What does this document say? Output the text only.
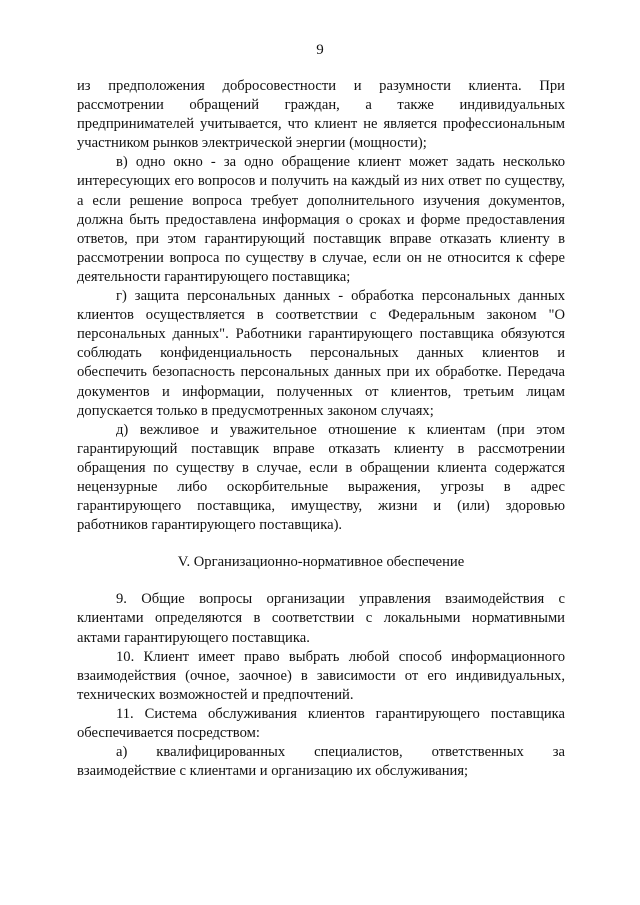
9

из предположения добросовестности и разумности клиента. При рассмотрении обращений граждан, а также индивидуальных предпринимателей учитывается, что клиент не является профессиональным участником рынков электрической энергии (мощности);

в) одно окно - за одно обращение клиент может задать несколько интересующих его вопросов и получить на каждый из них ответ по существу, а если решение вопроса требует дополнительного изучения документов, должна быть предоставлена информация о сроках и форме предоставления ответов, при этом гарантирующий поставщик вправе отказать клиенту в рассмотрении вопроса по существу в случае, если он не относится к сфере деятельности гарантирующего поставщика;

г) защита персональных данных - обработка персональных данных клиентов осуществляется в соответствии с Федеральным законом "О персональных данных". Работники гарантирующего поставщика обязуются соблюдать конфиденциальность персональных данных клиентов и обеспечить безопасность персональных данных при их обработке. Передача документов и информации, полученных от клиентов, третьим лицам допускается только в предусмотренных законом случаях;

д) вежливое и уважительное отношение к клиентам (при этом гарантирующий поставщик вправе отказать клиенту в рассмотрении обращения по существу в случае, если в обращении клиента содержатся нецензурные либо оскорбительные выражения, угрозы в адрес гарантирующего поставщика, имуществу, жизни и (или) здоровью работников гарантирующего поставщика).

V. Организационно-нормативное обеспечение

9. Общие вопросы организации управления взаимодействия с клиентами определяются в соответствии с локальными нормативными актами гарантирующего поставщика.

10. Клиент имеет право выбрать любой способ информационного взаимодействия (очное, заочное) в зависимости от его индивидуальных, технических возможностей и предпочтений.

11. Система обслуживания клиентов гарантирующего поставщика обеспечивается посредством:

а) квалифицированных специалистов, ответственных за взаимодействие с клиентами и организацию их обслуживания;
